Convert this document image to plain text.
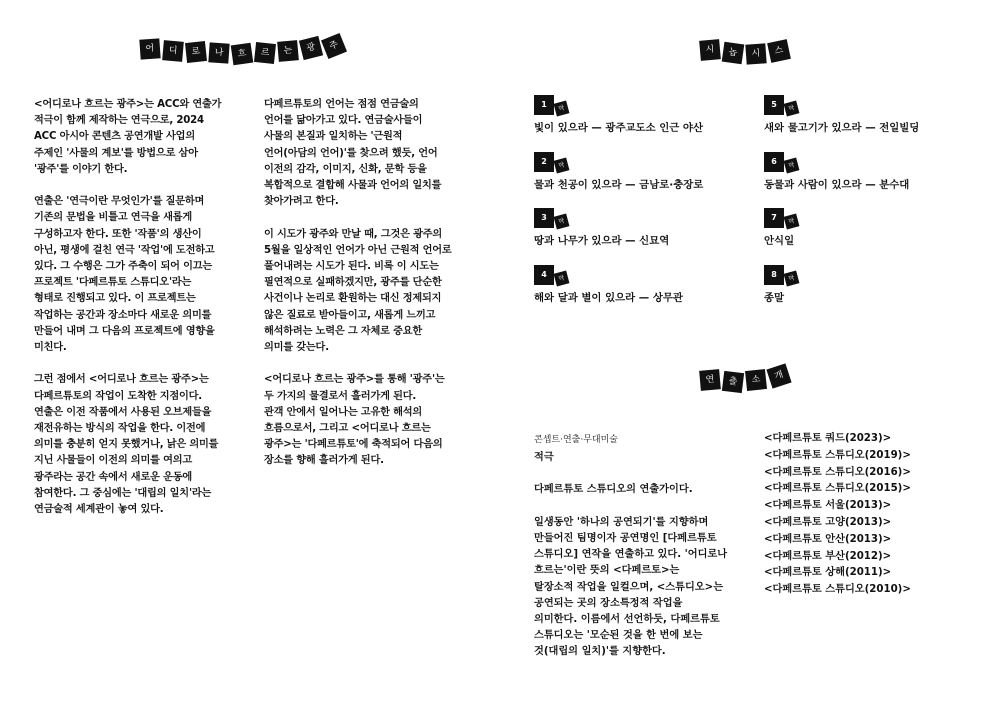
어	디	로	나	흐	르	는	광	주

<어디로나 흐르는 광주>는 ACC와 연출가
적극이 함께 제작하는 연극으로, 2024
ACC 아시아 콘텐츠 공연개발 사업의
주제인 '사물의 계보'를 방법으로 삼아
'광주'를 이야기 한다.

연출은 '연극이란 무엇인가'를 질문하며
기존의 문법을 비틀고 연극을 새롭게
구성하고자 한다. 또한 '작품'의 생산이
아닌, 평생에 걸친 연극 '작업'에 도전하고
있다. 그 수행은 그가 주축이 되어 이끄는
프로젝트 '다페르튜토 스튜디오'라는
형태로 진행되고 있다. 이 프로젝트는
작업하는 공간과 장소마다 새로운 의미를
만들어 내며 그 다음의 프로젝트에 영향을
미친다.

그런 점에서 <어디로나 흐르는 광주>는
다페르튜토의 작업이 도착한 지점이다.
연출은 이전 작품에서 사용된 오브제들을
재전유하는 방식의 작업을 한다. 이전에
의미를 충분히 얻지 못했거나, 낡은 의미를
지닌 사물들이 이전의 의미를 여의고
광주라는 공간 속에서 새로운 운동에
참여한다. 그 중심에는 '대립의 일치'라는
연금술적 세계관이 놓여 있다.

다페르튜토의 언어는 점점 연금술의
언어를 닮아가고 있다. 연금술사들이
사물의 본질과 일치하는 '근원적
언어(아담의 언어)'를 찾으려 했듯, 언어
이전의 감각, 이미지, 신화, 문학 등을
복합적으로 결합해 사물과 언어의 일치를
찾아가려고 한다.

이 시도가 광주와 만날 때, 그것은 광주의
5월을 일상적인 언어가 아닌 근원적 언어로
풀어내려는 시도가 된다. 비록 이 시도는
필연적으로 실패하겠지만, 광주를 단순한
사건이나 논리로 환원하는 대신 정제되지
않은 질료로 받아들이고, 새롭게 느끼고
해석하려는 노력은 그 자체로 중요한
의미를 갖는다.

<어디로나 흐르는 광주>를 통해 '광주'는
두 가지의 물결로서 흘러가게 된다.
관객 안에서 일어나는 고유한 해석의
흐름으로서, 그리고 <어디로나 흐르는
광주>는 '다페르튜토'에 축적되어 다음의
장소를 향해 흘러가게 된다.

시	놉	시	스
1	막
빛이 있으라 — 광주교도소 인근 야산
2	막
물과 천공이 있으라 — 금남로·충장로
3	막
땅과 나무가 있으라 — 신묘역
4	막
해와 달과 별이 있으라 — 상무관
5	막
새와 물고기가 있으라 — 전일빌딩
6	막
동물과 사람이 있으라 — 분수대
7	막
안식일
8	막
종말
연	출	소	개
콘셉트·연출·무대미술

적극

다페르튜토 스튜디오의 연출가이다.

일생동안 '하나의 공연되기'를 지향하며
만들어진 팀명이자 공연명인 [다페르튜토
스튜디오] 연작을 연출하고 있다. '어디로나
흐르는'이란 뜻의 <다페르토>는
탈장소적 작업을 일컬으며, <스튜디오>는
공연되는 곳의 장소특정적 작업을
의미한다. 이름에서 선언하듯, 다페르튜토
스튜디오는 '모순된 것을 한 번에 보는
것(대립의 일치)'를 지향한다.

<다페르튜토 쿼드(2023)>
<다페르튜토 스튜디오(2019)>
<다페르튜토 스튜디오(2016)>
<다페르튜토 스튜디오(2015)>
<다페르튜토 서울(2013)>
<다페르튜토 고양(2013)>
<다페르튜토 안산(2013)>
<다페르튜토 부산(2012)>
<다페르튜토 상해(2011)>
<다페르튜토 스튜디오(2010)>
